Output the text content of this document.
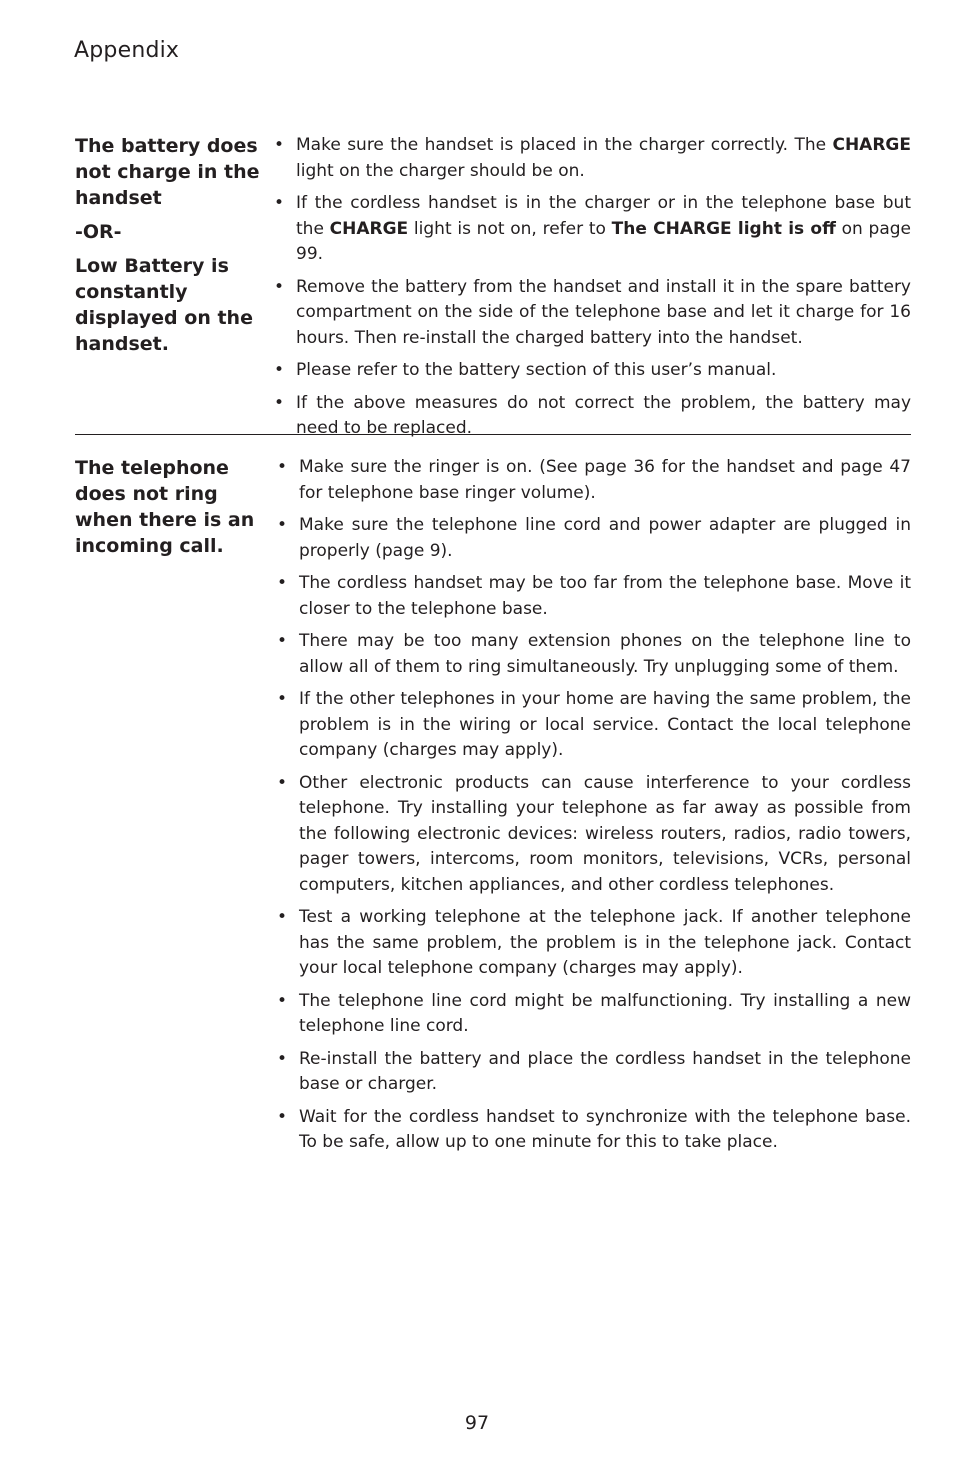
Appendix

The battery does not charge in the handset

-OR-

Low Battery is constantly displayed on the handset.

• Make sure the handset is placed in the charger correctly. The CHARGE light on the charger should be on.
• If the cordless handset is in the charger or in the telephone base but the CHARGE light is not on, refer to The CHARGE light is off on page 99.
• Remove the battery from the handset and install it in the spare battery compartment on the side of the telephone base and let it charge for 16 hours. Then re-install the charged battery into the handset.
• Please refer to the battery section of this user’s manual.
• If the above measures do not correct the problem, the battery may need to be replaced.

The telephone does not ring when there is an incoming call.

• Make sure the ringer is on. (See page 36 for the handset and page 47 for telephone base ringer volume).
• Make sure the telephone line cord and power adapter are plugged in properly (page 9).
• The cordless handset may be too far from the telephone base. Move it closer to the telephone base.
• There may be too many extension phones on the telephone line to allow all of them to ring simultaneously. Try unplugging some of them.
• If the other telephones in your home are having the same problem, the problem is in the wiring or local service. Contact the local telephone company (charges may apply).
• Other electronic products can cause interference to your cordless telephone. Try installing your telephone as far away as possible from the following electronic devices: wireless routers, radios, radio towers, pager towers, intercoms, room monitors, televisions, VCRs, personal computers, kitchen appliances, and other cordless telephones.
• Test a working telephone at the telephone jack. If another telephone has the same problem, the problem is in the telephone jack. Contact your local telephone company (charges may apply).
• The telephone line cord might be malfunctioning. Try installing a new telephone line cord.
• Re-install the battery and place the cordless handset in the telephone base or charger.
• Wait for the cordless handset to synchronize with the telephone base. To be safe, allow up to one minute for this to take place.
97
